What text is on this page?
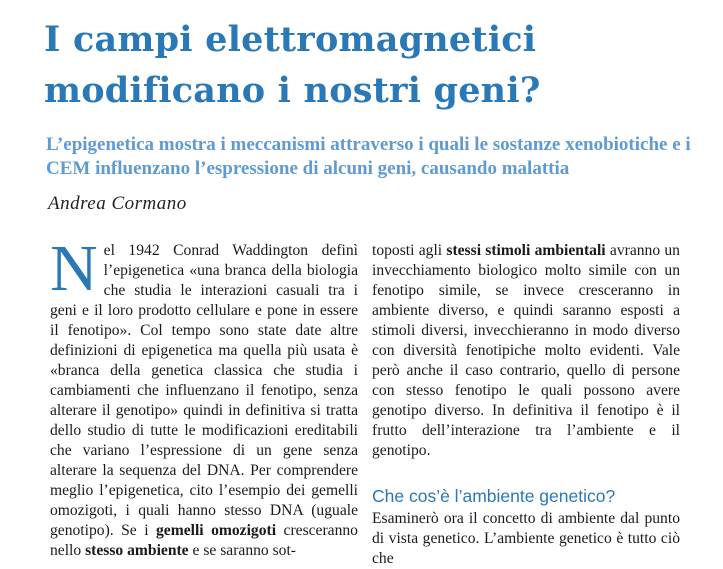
I campi elettromagnetici modificano i nostri geni?
L’epigenetica mostra i meccanismi attraverso i quali le sostanze xenobiotiche e i CEM influenzano l’espressione di alcuni geni, causando malattia
Andrea Cormano

Nel 1942 Conrad Waddington definì l’epigenetica «una branca della biologia che studia le interazioni casuali tra i geni e il loro prodotto cellulare e pone in essere il fenotipo». Col tempo sono state date altre definizioni di epigenetica ma quella più usata è «branca della genetica classica che studia i cambiamenti che influenzano il fenotipo, senza alterare il genotipo» quindi in definitiva si tratta dello studio di tutte le modificazioni ereditabili che variano l’espressione di un gene senza alterare la sequenza del DNA. Per comprendere meglio l’epigenetica, cito l’esempio dei gemelli omozigoti, i quali hanno stesso DNA (uguale genotipo). Se i gemelli omozigoti cresceranno nello stesso ambiente e se saranno sot-

toposti agli stessi stimoli ambientali avranno un invecchiamento biologico molto simile con un fenotipo simile, se invece cresceranno in ambiente diverso, e quindi saranno esposti a stimoli diversi, invecchieranno in modo diverso con diversità fenotipiche molto evidenti. Vale però anche il caso contrario, quello di persone con stesso fenotipo le quali possono avere genotipo diverso. In definitiva il fenotipo è il frutto dell’interazione tra l’ambiente e il genotipo.

Che cos’è l’ambiente genetico?

Esaminerò ora il concetto di ambiente dal punto di vista genetico. L’ambiente genetico è tutto ciò che
